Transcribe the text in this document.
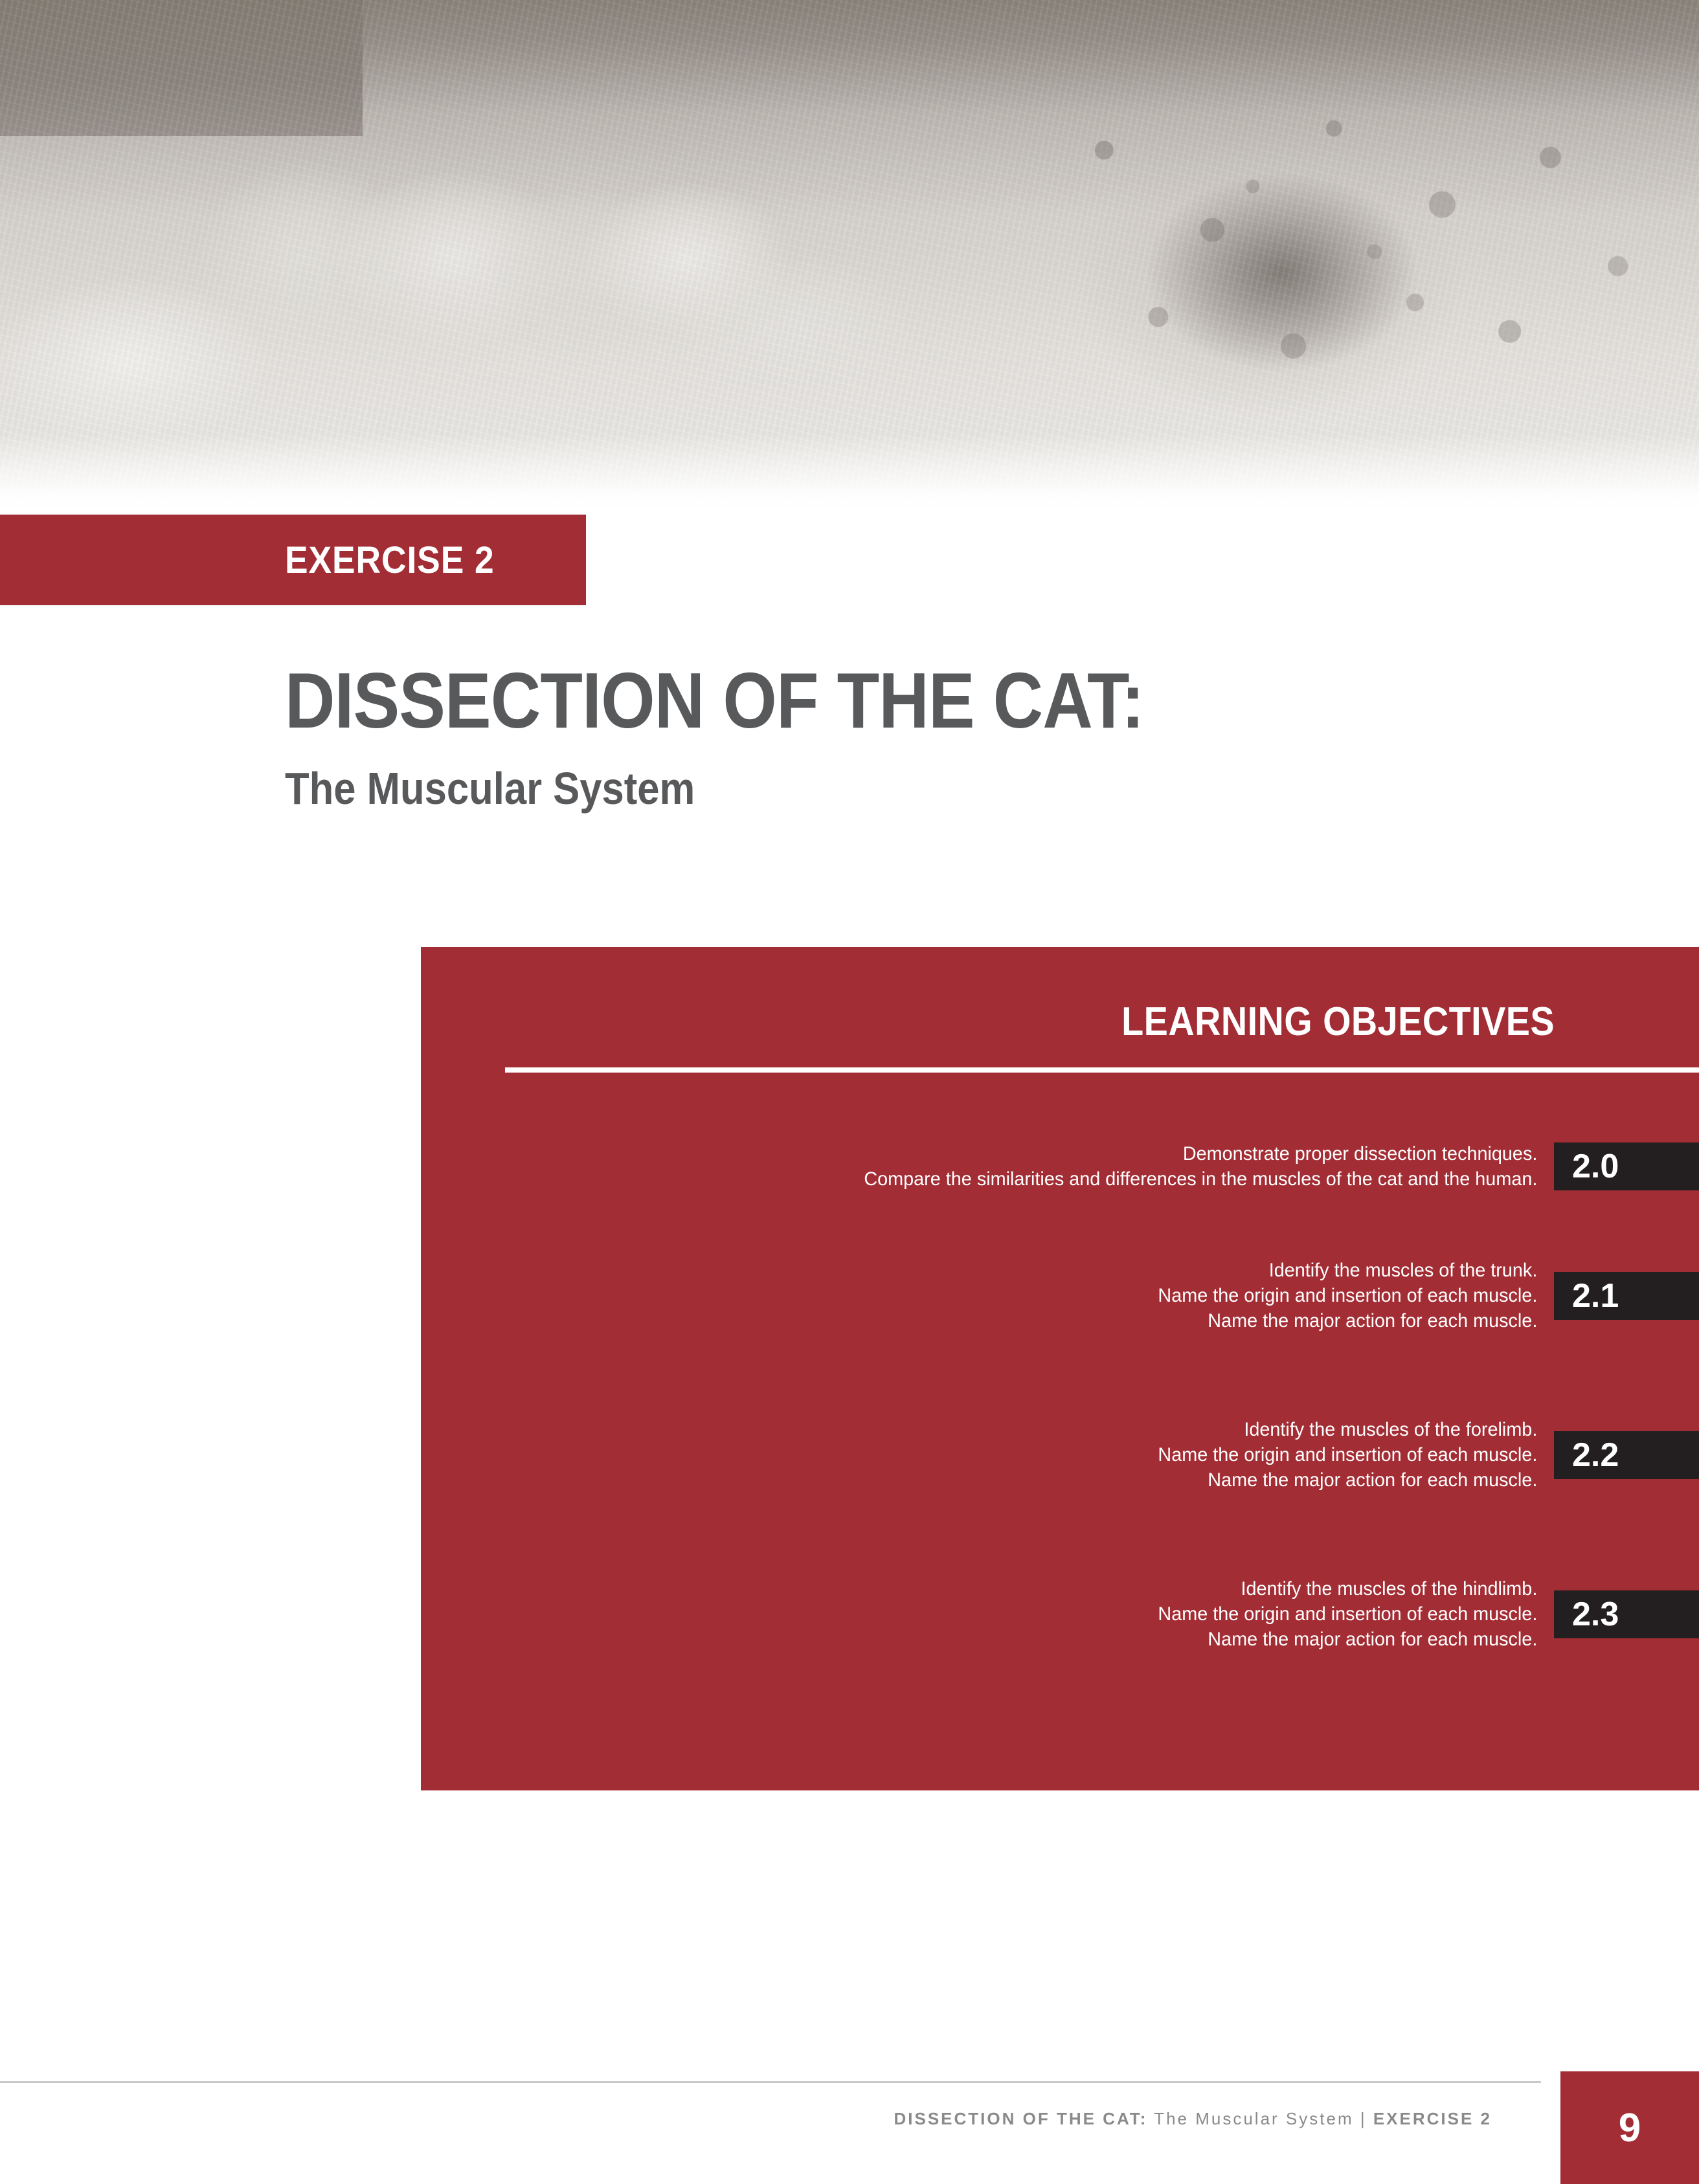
EXERCISE 2
DISSECTION OF THE CAT:
The Muscular System
LEARNING OBJECTIVES
Demonstrate proper dissection techniques.
Compare the similarities and differences in the muscles of the cat and the human.	2.0
Identify the muscles of the trunk.
Name the origin and insertion of each muscle.
Name the major action for each muscle.
2.1
Identify the muscles of the forelimb.
Name the origin and insertion of each muscle.
Name the major action for each muscle.
2.2
Identify the muscles of the hindlimb.
Name the origin and insertion of each muscle.
Name the major action for each muscle.
2.3
DISSECTION OF THE CAT: The Muscular System | EXERCISE 2	9
